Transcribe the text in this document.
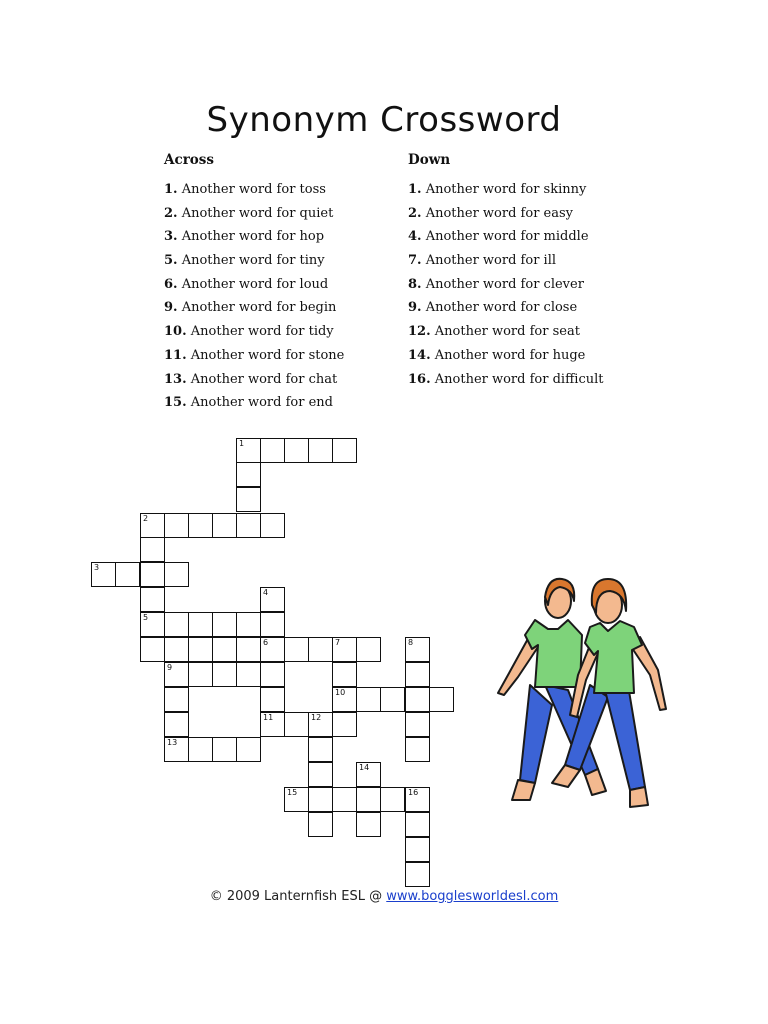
Synonym Crossword
Across
1. Another word for toss
2. Another word for quiet
3. Another word for hop
5. Another word for tiny
6. Another word for loud
9. Another word for begin
10. Another word for tidy
11. Another word for stone
13. Another word for chat
15. Another word for end
Down
1. Another word for skinny
2. Another word for easy
4. Another word for middle
7. Another word for ill
8. Another word for clever
9. Another word for close
12. Another word for seat
14. Another word for huge
16. Another word for difficult
1
2
3
4
5
6	7	8
9
10
11	12
13
14
15	16
© 2009 Lanternfish ESL @ www.bogglesworldesl.com
